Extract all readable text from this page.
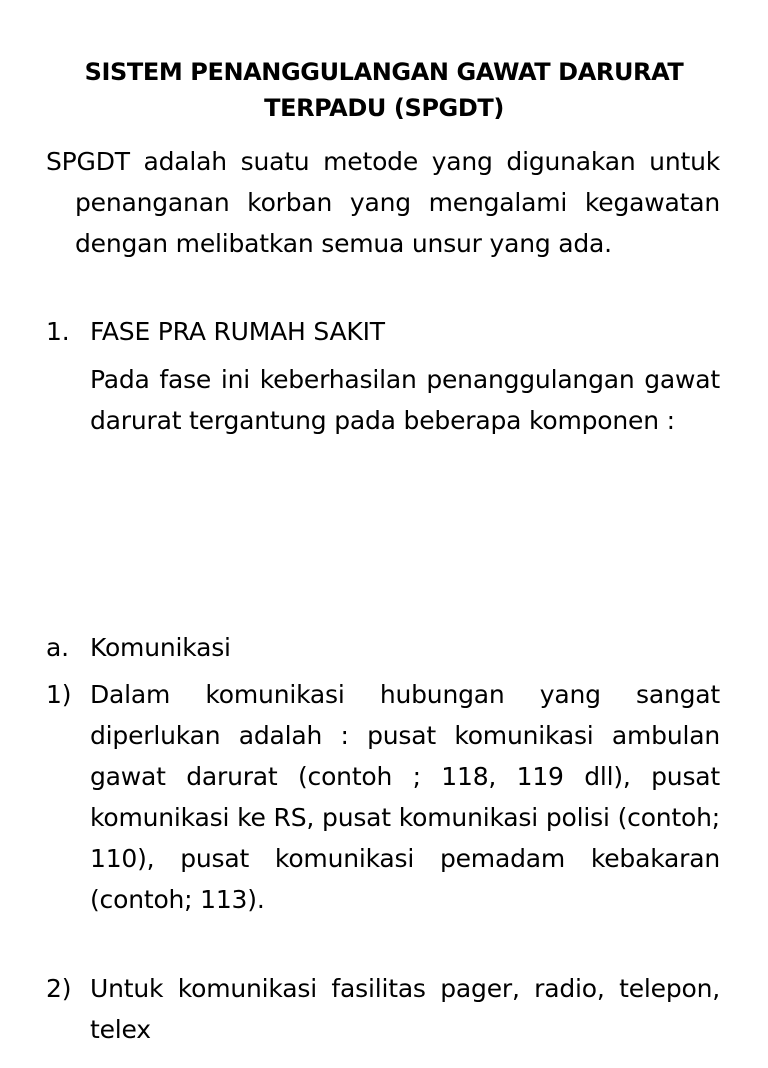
SISTEM PENANGGULANGAN GAWAT DARURAT TERPADU (SPGDT)

SPGDT adalah suatu metode yang digunakan untuk penanganan korban yang mengalami kegawatan dengan melibatkan semua unsur yang ada.

1. FASE PRA RUMAH SAKIT

Pada fase ini keberhasilan penanggulangan gawat darurat tergantung pada beberapa komponen :

a. Komunikasi
1) Dalam komunikasi hubungan yang sangat diperlukan adalah : pusat komunikasi ambulan gawat darurat (contoh ; 118, 119 dll), pusat komunikasi ke RS, pusat komunikasi polisi (contoh; 110), pusat komunikasi pemadam kebakaran (contoh; 113).
2) Untuk komunikasi fasilitas pager, radio, telepon, telex
